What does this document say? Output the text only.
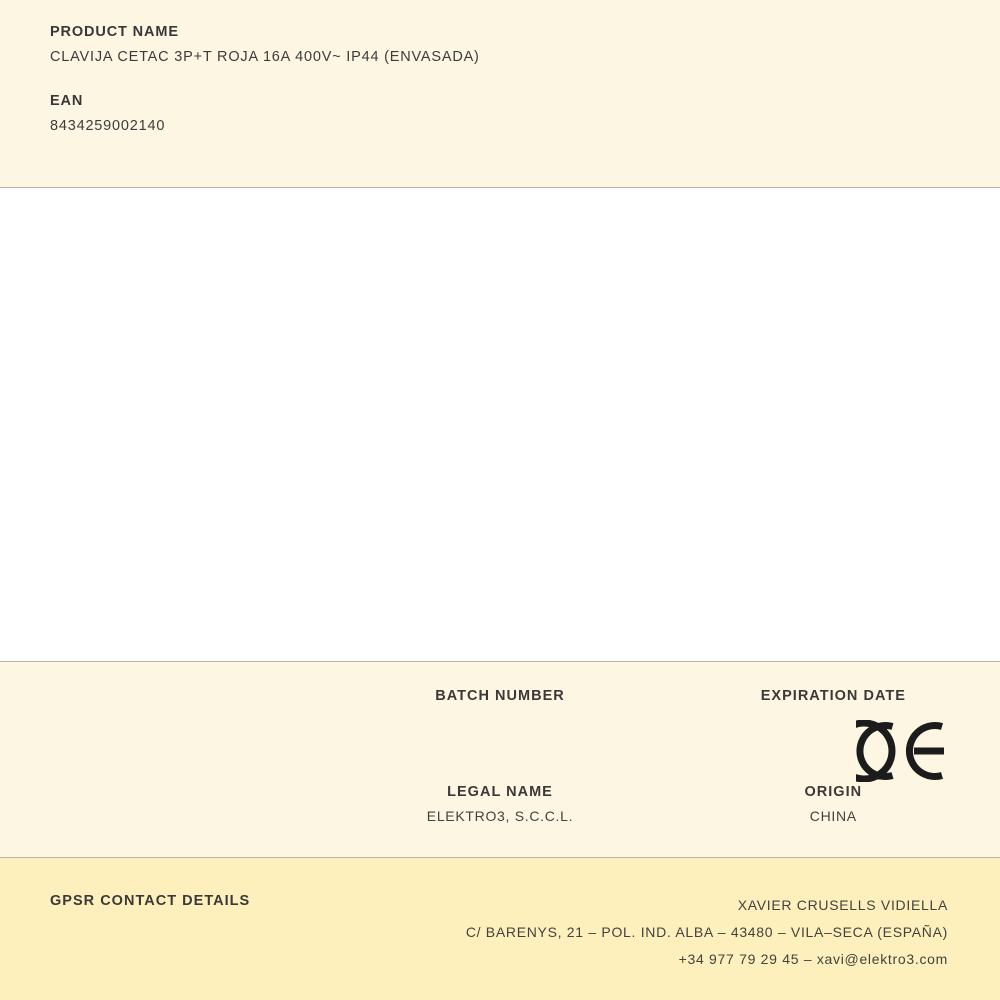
PRODUCT NAME

CLAVIJA CETAC 3P+T ROJA 16A 400V~ IP44 (ENVASADA)

EAN

8434259002140

BATCH NUMBER	EXPIRATION DATE

LEGAL NAME

ELEKTRO3, S.C.C.L.

ORIGIN

CHINA

GPSR CONTACT DETAILS	XAVIER CRUSELLS VIDIELLA
C/ BARENYS, 21 – POL. IND. ALBA – 43480 – VILA–SECA (ESPAÑA)
+34 977 79 29 45 – xavi@elektro3.com
